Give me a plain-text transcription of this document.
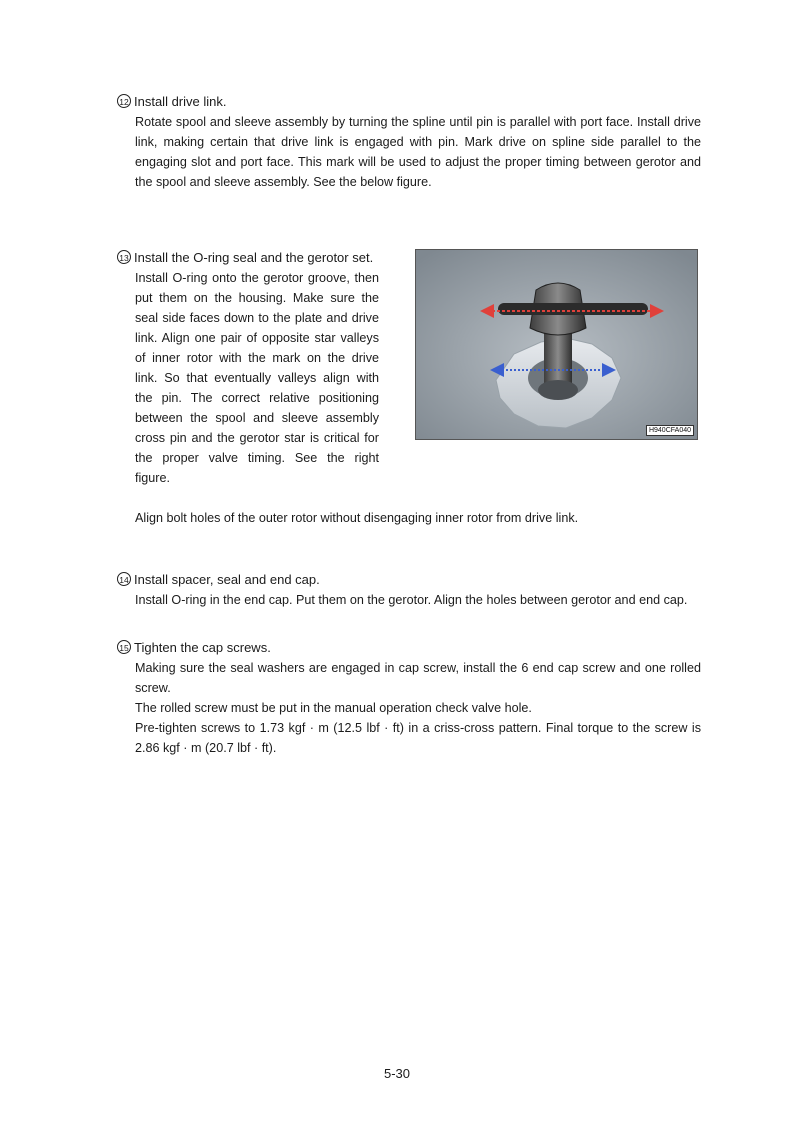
12 Install drive link.

Rotate spool and sleeve assembly by turning the spline until pin is parallel with port face. Install drive link, making certain that drive link is engaged with pin. Mark drive on spline side parallel to the engaging slot and port face. This mark will be used to adjust the proper timing between gerotor and the spool and sleeve assembly. See the below figure.

13 Install the O-ring seal and the gerotor set.

Install O-ring onto the gerotor groove, then put them on the housing. Make sure the seal side faces down to the plate and drive link. Align one pair of opposite star valleys of inner rotor with the mark on the drive link. So that eventually valleys align with the pin. The correct relative positioning between the spool and sleeve assembly cross pin and the gerotor star is critical for the proper valve timing. See the right figure.

Align bolt holes of the outer rotor without disengaging inner rotor from drive link.

H940CFA040

14 Install spacer, seal and end cap.

Install O-ring in the end cap. Put them on the gerotor. Align the holes between gerotor and end cap.

15 Tighten the cap screws.

Making sure the seal washers are engaged in cap screw, install the 6 end cap screw and one rolled screw.

The rolled screw must be put in the manual operation check valve hole.

Pre-tighten screws to 1.73 kgf · m (12.5 lbf · ft) in a criss-cross pattern. Final torque to the screw is 2.86 kgf · m (20.7 lbf · ft).

5-30
